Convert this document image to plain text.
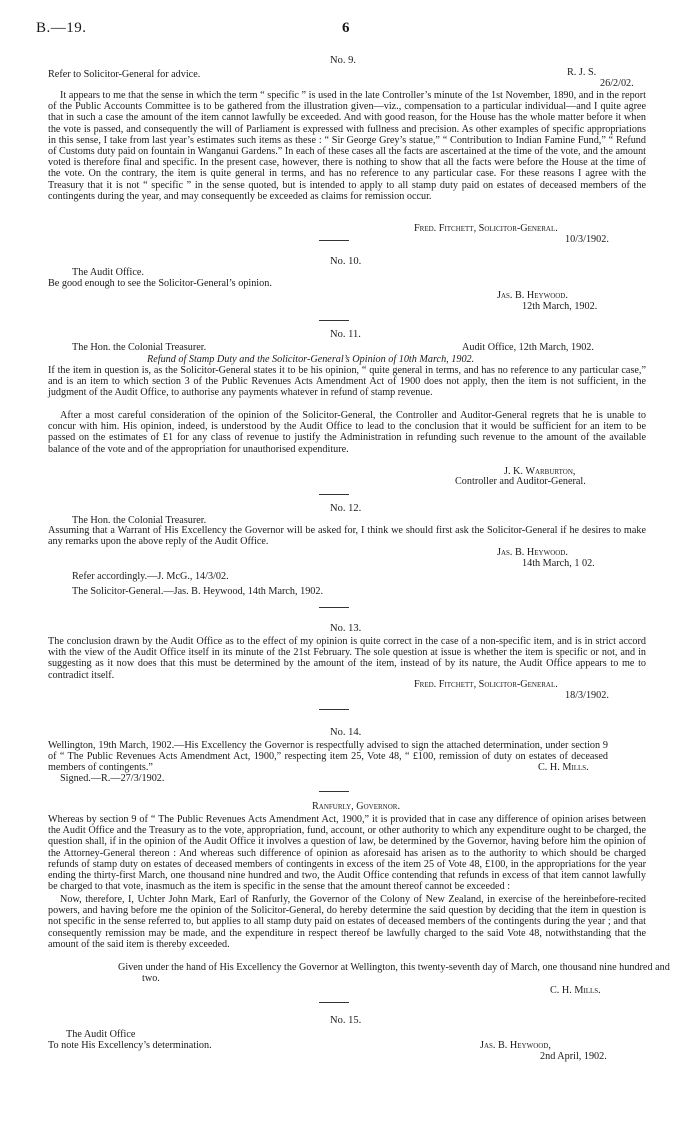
B.—19.	6
No. 9.
Refer to Solicitor-General for advice.	R. J. S.
26/2/02.
It appears to me that the sense in which the term “ specific ” is used in the late Controller’s minute of the 1st November, 1890, and in the report of the Public Accounts Committee is to be gathered from the illustration given—viz., compensation to a particular individual—and I quite agree that in such a case the amount of the item cannot lawfully be exceeded. And with good reason, for the House has the whole matter before it when the vote is passed, and consequently the will of Parliament is expressed with fullness and precision. As other examples of specific appropriations in this sense, I take from last year’s estimates such items as these : “ Sir George Grey’s statue,” “ Contribution to Indian Famine Fund,” “ Refund of Customs duty paid on fountain in Wanganui Gardens.” In each of these cases all the facts are ascertained at the time of the vote, and the amount voted is therefore final and specific. In the present case, however, there is nothing to show that all the facts were before the House at the time of the vote. On the contrary, the item is quite general in terms, and has no reference to any particular case. For these reasons I agree with the Treasury that it is not “ specific ” in the sense quoted, but is intended to apply to all stamp duty paid on estates of deceased members of the contingents during the year, and may consequently be exceeded as claims for remission occur.
Fred. Fitchett, Solicitor-General.
10/3/1902.
No. 10.
The Audit Office.
Be good enough to see the Solicitor-General’s opinion.
Jas. B. Heywood.
12th March, 1902.
No. 11.
The Hon. the Colonial Treasurer.	Audit Office, 12th March, 1902.
Refund of Stamp Duty and the Solicitor-General’s Opinion of 10th March, 1902.
If the item in question is, as the Solicitor-General states it to be his opinion, “ quite general in terms, and has no reference to any particular case,” and is an item to which section 3 of the Public Revenues Acts Amendment Act of 1900 does not apply, then the item is not sufficient, in the judgment of the Audit Office, to authorise any payments whatever in refund of stamp revenue.
After a most careful consideration of the opinion of the Solicitor-General, the Controller and Auditor-General regrets that he is unable to concur with him. His opinion, indeed, is understood by the Audit Office to lead to the conclusion that it would be sufficient for an item to be passed on the estimates of £1 for any class of revenue to justify the Administration in refunding such revenue to the amount of the available balance of the vote and of the appropriation for unauthorised expenditure.
J. K. Warburton,
Controller and Auditor-General.
No. 12.
The Hon. the Colonial Treasurer.
Assuming that a Warrant of His Excellency the Governor will be asked for, I think we should first ask the Solicitor-General if he desires to make any remarks upon the above reply of the Audit Office.
Jas. B. Heywood.
14th March, 1 02.
Refer accordingly.—J. McG., 14/3/02.
The Solicitor-General.—Jas. B. Heywood, 14th March, 1902.
No. 13.
The conclusion drawn by the Audit Office as to the effect of my opinion is quite correct in the case of a non-specific item, and is in strict accord with the view of the Audit Office itself in its minute of the 21st February. The sole question at issue is whether the item is specific or not, and in suggesting as it now does that this must be determined by the amount of the item, instead of by its nature, the Audit Office appears to me to contradict itself.
Fred. Fitchett, Solicitor-General.
18/3/1902.
No. 14.
Wellington, 19th March, 1902.—His Excellency the Governor is respectfully advised to sign the attached determination, under section 9 of “ The Public Revenues Acts Amendment Act, 1900,” respecting item 25, Vote 48, “ £100, remission of duty on estates of deceased members of contingents.”	C. H. Mills.
Signed.—R.—27/3/1902.
Ranfurly, Governor.
Whereas by section 9 of “ The Public Revenues Acts Amendment Act, 1900,” it is provided that in case any difference of opinion arises between the Audit Office and the Treasury as to the vote, appropriation, fund, account, or other authority to which any expenditure ought to be charged, the question shall, if in the opinion of the Audit Office it involves a question of law, be determined by the Governor, having before him the opinion of the Attorney-General thereon : And whereas such difference of opinion as aforesaid has arisen as to the authority to which should be charged refunds of stamp duty on estates of deceased members of contingents in excess of the item 25 of Vote 48, £100, in the appropriations for the year ending the thirty-first March, one thousand nine hundred and two, the Audit Office contending that refunds in excess of that item cannot lawfully be charged to that vote, inasmuch as the item is specific in the sense that the amount thereof cannot be exceeded :
Now, therefore, I, Uchter John Mark, Earl of Ranfurly, the Governor of the Colony of New Zealand, in exercise of the hereinbefore-recited powers, and having before me the opinion of the Solicitor-General, do hereby determine the said question by deciding that the item in question is not specific in the sense referred to, but applies to all stamp duty paid on estates of deceased members of the contingents during the year ; and that consequently remission may be made, and the expenditure in respect thereof be lawfully charged to the said Vote 48, notwithstanding that the amount of the said item is thereby exceeded.
Given under the hand of His Excellency the Governor at Wellington, this twenty-seventh day of March, one thousand nine hundred and two.
C. H. Mills.
No. 15.
The Audit Office
To note His Excellency’s determination.	Jas. B. Heywood,
2nd April, 1902.
